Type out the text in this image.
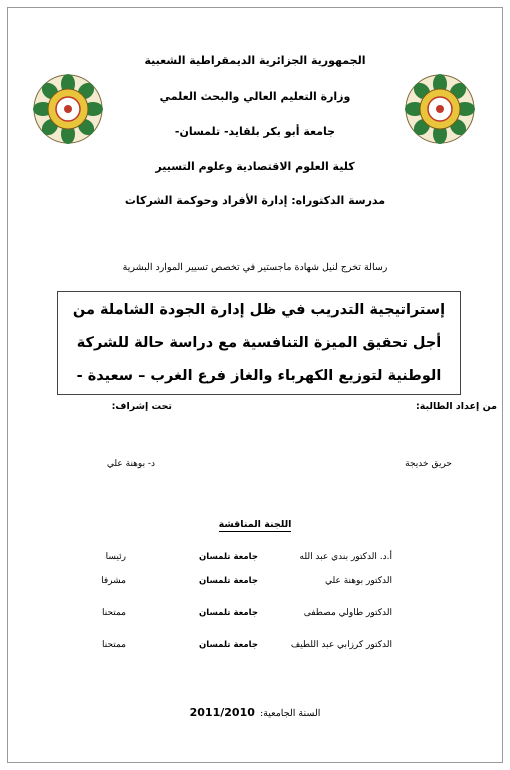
الجمهورية الجزائرية الديمقراطية الشعبية
وزارة التعليم العالي والبحث العلمي
جامعة أبو بكر بلقايد- تلمسان-
كلية العلوم الاقتصادية وعلوم التسيير
مدرسة الدكتوراه: إدارة الأفراد وحوكمة الشركات
رسالة تخرج لنيل شهادة ماجستير في تخصص تسيير الموارد البشرية
إستراتيجية التدريب في ظل إدارة الجودة الشاملة من
أجل تحقيق الميزة التنافسية مع دراسة حالة للشركة
الوطنية لتوزيع الكهرباء والغاز فرع الغرب – سعيدة -
من إعداد الطالبة:
حريق خديجة
تحت إشراف:
د- بوهنة علي
اللجنة المناقشة
أ.د. الدكتور بندي عبد الله
جامعة تلمسان
رئيسا
الدكتور بوهنة علي
جامعة تلمسان
مشرفا
الدكتور طاولي مصطفى
جامعة تلمسان
ممتحنا
الدكتور كرزابي عبد اللطيف
جامعة تلمسان
ممتحنا
السنة الجامعية: 2011/2010
